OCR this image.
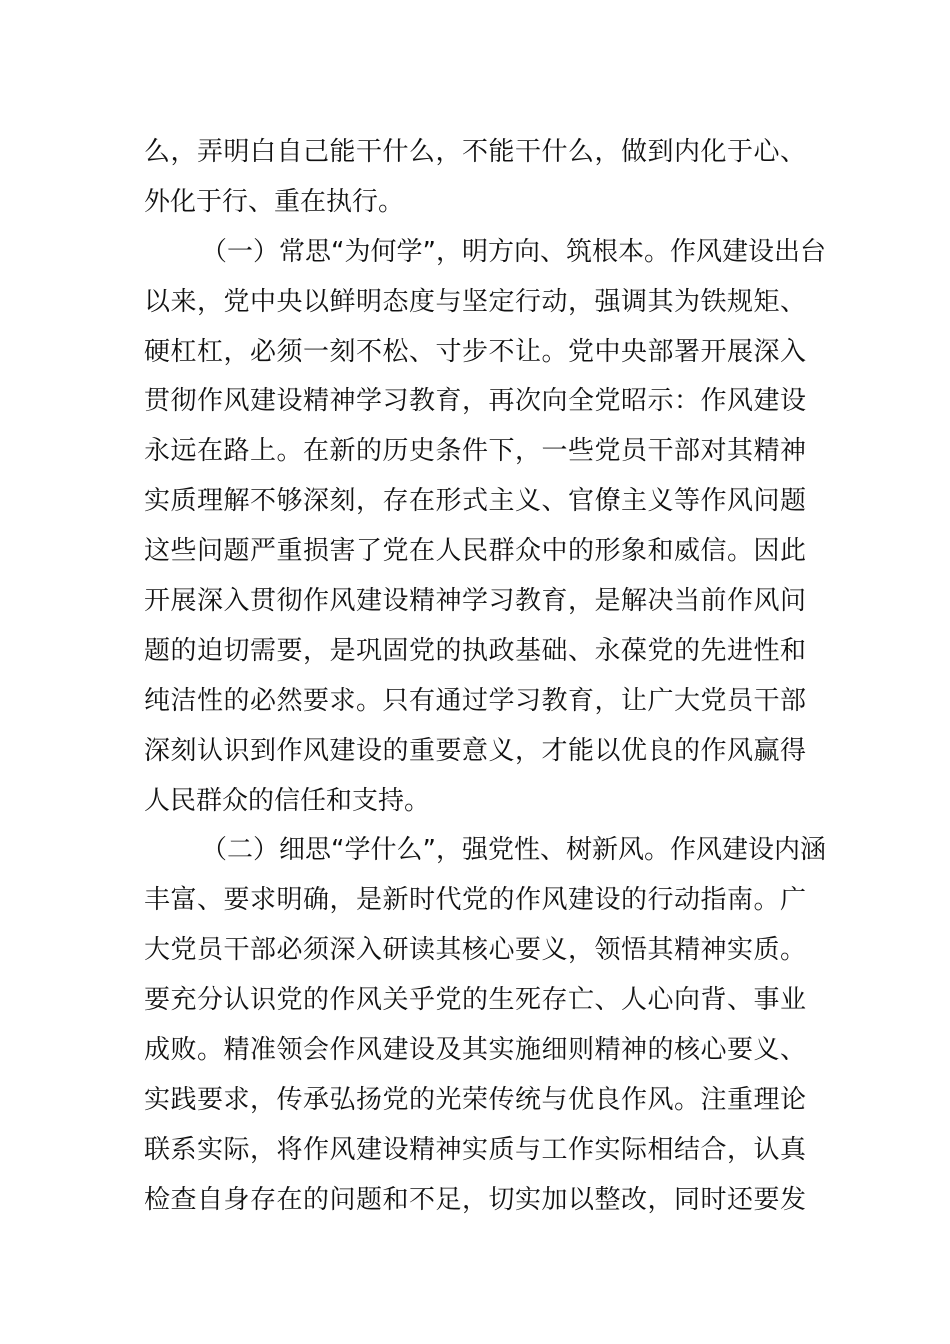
么，弄明白自己能干什么，不能干什么，做到内化于心、
外化于行、重在执行。
（一）常思“为何学”，明方向、筑根本。作风建设出台
以来，党中央以鲜明态度与坚定行动，强调其为铁规矩、
硬杠杠，必须一刻不松、寸步不让。党中央部署开展深入
贯彻作风建设精神学习教育，再次向全党昭示：作风建设
永远在路上。在新的历史条件下，一些党员干部对其精神
实质理解不够深刻，存在形式主义、官僚主义等作风问题
这些问题严重损害了党在人民群众中的形象和威信。因此
开展深入贯彻作风建设精神学习教育，是解决当前作风问
题的迫切需要，是巩固党的执政基础、永葆党的先进性和
纯洁性的必然要求。只有通过学习教育，让广大党员干部
深刻认识到作风建设的重要意义，才能以优良的作风赢得
人民群众的信任和支持。
（二）细思“学什么”，强党性、树新风。作风建设内涵
丰富、要求明确，是新时代党的作风建设的行动指南。广
大党员干部必须深入研读其核心要义，领悟其精神实质。
要充分认识党的作风关乎党的生死存亡、人心向背、事业
成败。精准领会作风建设及其实施细则精神的核心要义、
实践要求，传承弘扬党的光荣传统与优良作风。注重理论
联系实际，将作风建设精神实质与工作实际相结合，认真
检查自身存在的问题和不足，切实加以整改，同时还要发
